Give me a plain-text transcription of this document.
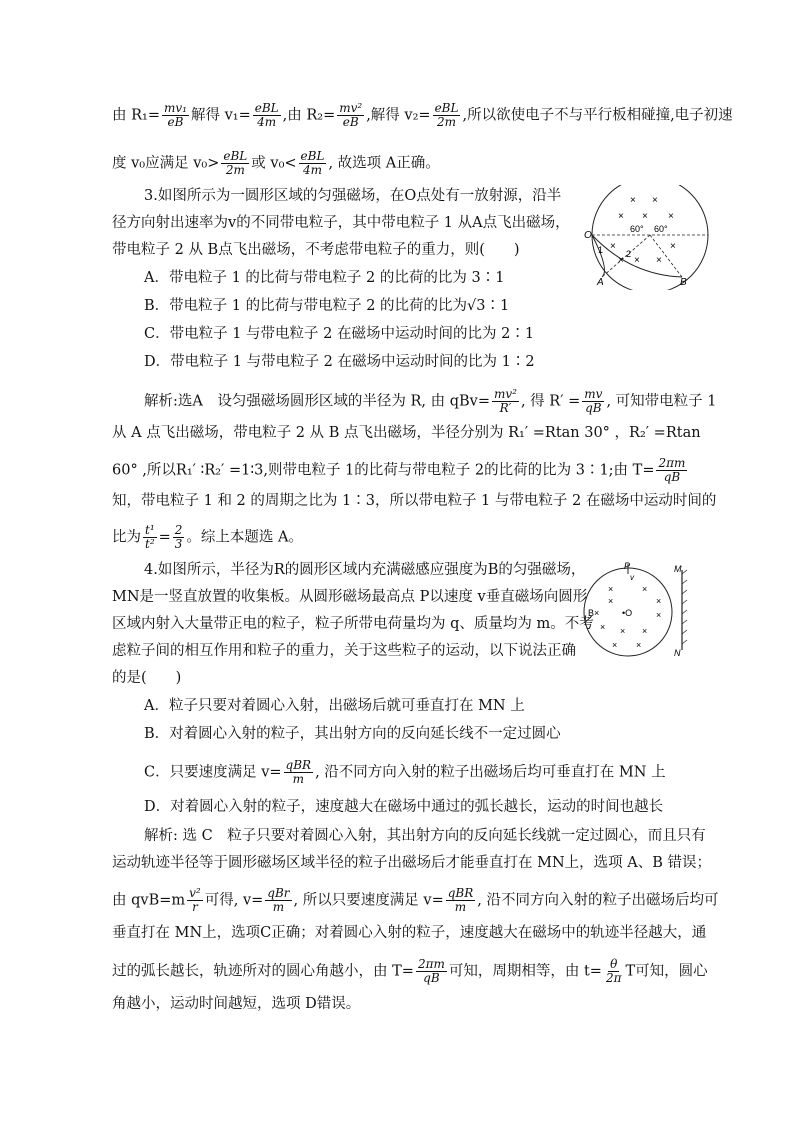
由 $R_1= \frac{\text{mv₁}}{eB}$ 解得 $v_1= \frac{\text{eBL}}{4m}$ ,由 $R_2= \frac{\text{mv²}}{eB}$ ,解得 $v_2= \frac{\text{eBL}}{2m}$ ,所以欲使电子不与平行板相碰撞,电子初速
度 v₀应满足 $v_0> \frac{\text{eBL}}{2m}$ 或 $v_0< \frac{\text{eBL}}{4m}$ , 故选项 A正确。
3.如图所示为一圆形区域的匀强磁场，在O点处有一放射源，沿半
径方向射出速率为v的不同带电粒子，其中带电粒子 1 从A点飞出磁场，
带电粒子 2 从 B点飞出磁场，不考虑带电粒子的重力，则(　　)
A．带电粒子 1 的比荷与带电粒子 2 的比荷的比为 3∶1
B．带电粒子 1 的比荷与带电粒子 2 的比荷的比为√3∶1
C．带电粒子 1 与带电粒子 2 在磁场中运动时间的比为 2∶1
D．带电粒子 1 与带电粒子 2 在磁场中运动时间的比为 1∶2
× ×
× × ×
×	×
× × ×
O
A	B
60° 60°
1	2
解析:选A　设匀强磁场圆形区域的半径为 R, 由 $qBv= \frac{\text{mv²}}{R'}$ , 得 $R' = \frac{mv}{qB}$ , 可知带电粒子 1
从 A 点飞出磁场，带电粒子 2 从 B 点飞出磁场，半径分别为 R₁′ =Rtan 30° ，R₂′ =Rtan
60° ,所以R₁′ ∶R₂′ =1∶3,则带电粒子 1的比荷与带电粒子 2的比荷的比为 3∶1;由 $T= \frac{2\pi m}{qB}$
知，带电粒子 1 和 2 的周期之比为 1∶3，所以带电粒子 1 与带电粒子 2 在磁场中运动时间的
比为 $\frac{\text{t¹}}{\text{t²}} = \frac{2}{3}$ 。综上本题选 A。
4.如图所示，半径为R的圆形区域内充满磁感应强度为B的匀强磁场，
MN是一竖直放置的收集板。从圆形磁场最高点 P以速度 v垂直磁场向圆形
区域内射入大量带正电的粒子，粒子所带电荷量均为 q、质量均为 m。不考
虑粒子间的相互作用和粒子的重力，关于这些粒子的运动，以下说法正确
的是(　　)
A．粒子只要对着圆心入射，出磁场后就可垂直打在 MN 上
B．对着圆心入射的粒子，其出射方向的反向延长线不一定过圆心
C．只要速度满足 $v= \frac{\text{qBR}}{m}$ , 沿不同方向入射的粒子出磁场后均可垂直打在 MN 上
D．对着圆心入射的粒子，速度越大在磁场中通过的弧长越长，运动的时间也越长
P
v
M
N
B×	•O
×	×
×
×
×
× × ×
× ×
解析: 选 C　粒子只要对着圆心入射，其出射方向的反向延长线就一定过圆心，而且只有
运动轨迹半径等于圆形磁场区域半径的粒子出磁场后才能垂直打在 MN上，选项 A、B 错误；
由 $qvB=m \frac{\text{v²}}{r}$ 可得, $v= \frac{\text{qBr}}{m}$ , 所以只要速度满足 $v= \frac{\text{qBR}}{m}$ , 沿不同方向入射的粒子出磁场后均可
垂直打在 MN上，选项C正确；对着圆心入射的粒子，速度越大在磁场中的轨迹半径越大，通
过的弧长越长，轨迹所对的圆心角越小，由 $T= \frac{2\pi m}{qB}$ 可知，周期相等，由 $t= \frac{\theta}{2\pi}$ T可知，圆心
角越小，运动时间越短，选项 D错误。
